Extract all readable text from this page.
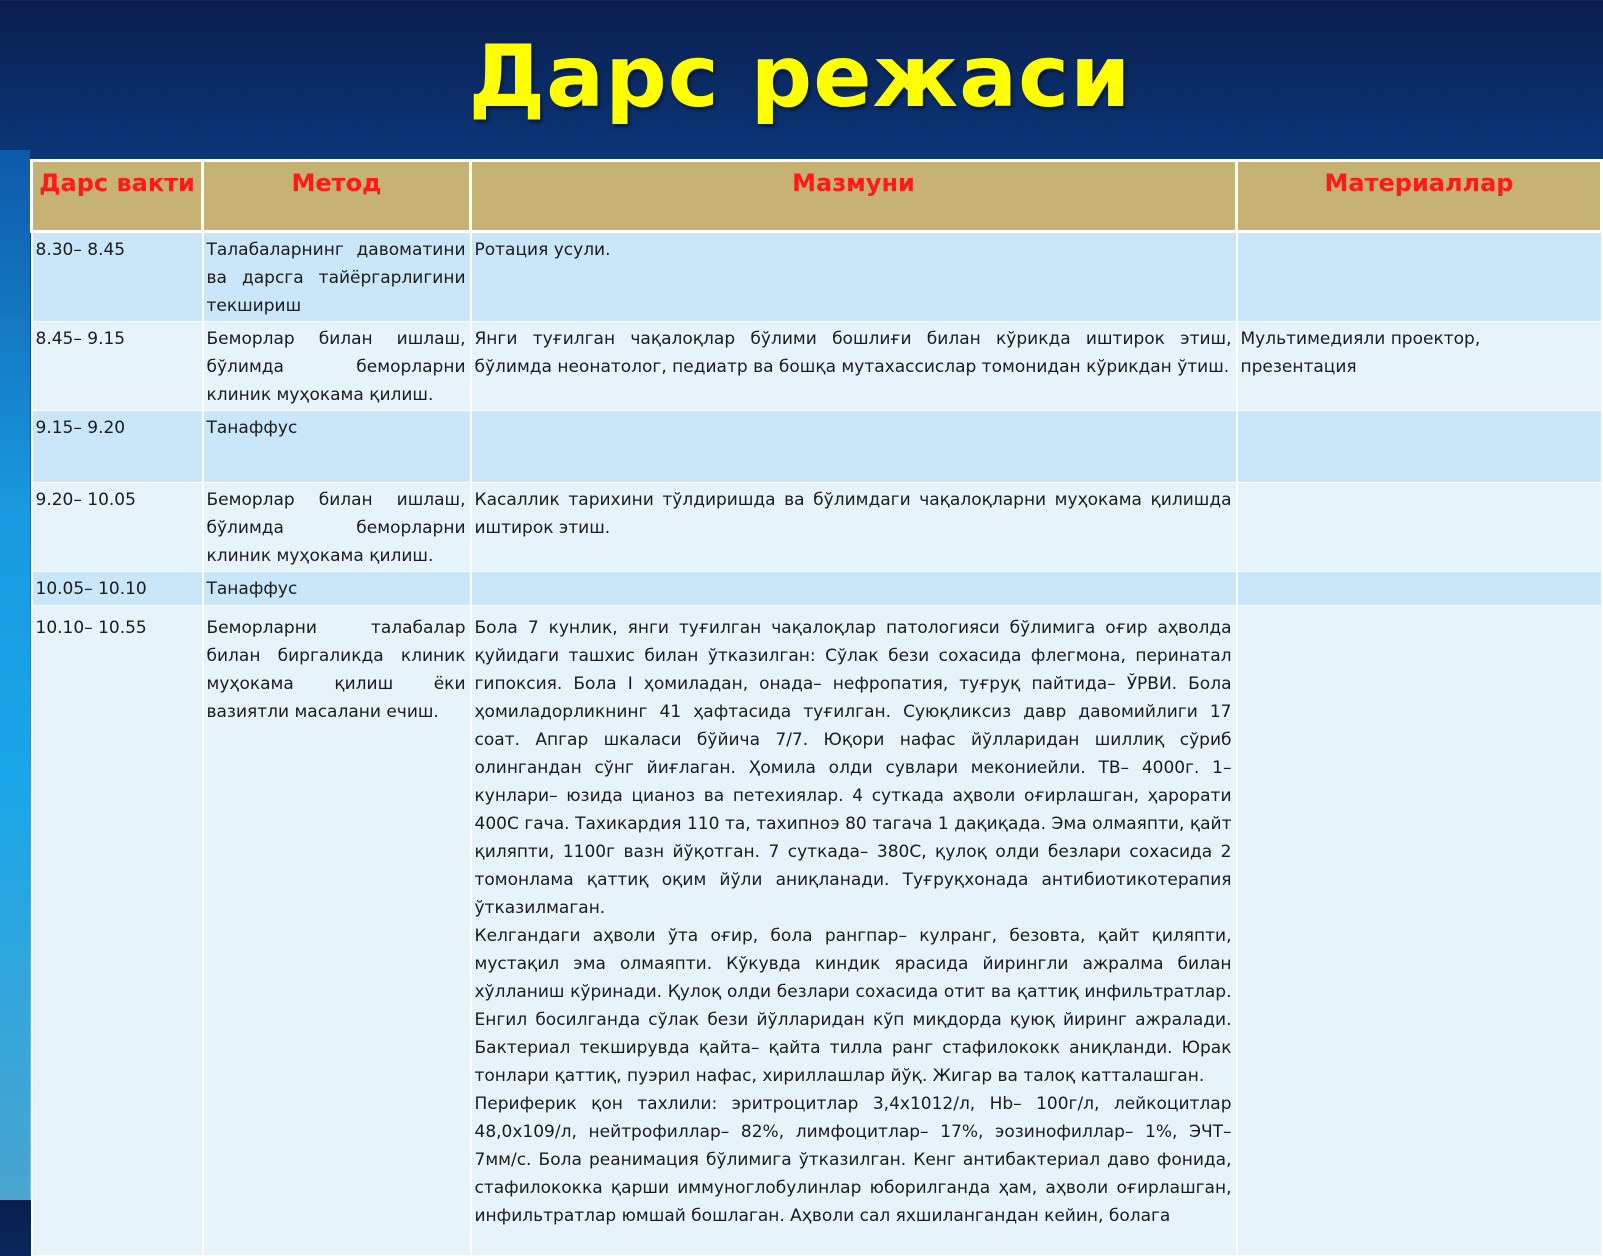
Дарс режаси
Дарс вакти	Метод	Мазмуни	Материаллар
8.30– 8.45	Талабаларнинг давоматини ва дарсга тайёргарлигини текшириш	Ротация усули.	
8.45– 9.15	Беморлар билан ишлаш, бўлимда беморларни клиник муҳокама қилиш.	Янги туғилган чақалоқлар бўлими бошлиғи билан кўрикда иштирок этиш, бўлимда неонатолог, педиатр ва бошқа мутахассислар томонидан кўрикдан ўтиш.	Мультимедияли проектор, презентация
9.15– 9.20	Танаффус		
9.20– 10.05	Беморлар билан ишлаш, бўлимда беморларни клиник муҳокама қилиш.	Касаллик тарихини тўлдиришда ва бўлимдаги чақалоқларни муҳокама қилишда иштирок этиш.	
10.05– 10.10	Танаффус		
10.10– 10.55	Беморларни талабалар билан биргаликда клиник муҳокама қилиш ёки вазиятли масалани ечиш.	Бола 7 кунлик, янги туғилган чақалоқлар патологияси бўлимига оғир аҳволда қуйидаги ташхис билан ўтказилган: Сўлак бези сохасида флегмона, перинатал гипоксия. Бола I ҳомиладан, онада– нефропатия, туғруқ пайтида– ЎРВИ. Бола ҳомиладорликнинг 41 ҳафтасида туғилган. Суюқликсиз давр давомийлиги 17 соат. Апгар шкаласи бўйича 7/7. Юқори нафас йўлларидан шиллиқ сўриб олингандан сўнг йиғлаган. Ҳомила олди сувлари мекониейли. ТВ– 4000г. 1– кунлари– юзида цианоз ва петехиялар. 4 суткада аҳволи оғирлашган, ҳарорати 400С гача. Тахикардия 110 та, тахипноэ 80 тагача 1 дақиқада. Эма олмаяпти, қайт қиляпти, 1100г вазн йўқотган. 7 суткада– 380С, қулоқ олди безлари сохасида 2 томонлама қаттиқ оқим йўли аниқланади. Туғруқхонада антибиотикотерапия ўтказилмаган.

Келгандаги аҳволи ўта оғир, бола рангпар– кулранг, безовта, қайт қиляпти, мустақил эма олмаяпти. Кўкувда киндик ярасида йирингли ажралма билан хўлланиш кўринади. Қулоқ олди безлари сохасида отит ва қаттиқ инфильтратлар. Енгил босилганда сўлак бези йўлларидан кўп миқдорда қуюқ йиринг ажралади. Бактериал текширувда қайта– қайта тилла ранг стафилококк аниқланди. Юрак тонлари қаттиқ, пуэрил нафас, хириллашлар йўқ. Жигар ва талоқ катталашган.

Периферик қон тахлили: эритроцитлар 3,4х1012/л, Hb– 100г/л, лейкоцитлар 48,0х109/л, нейтрофиллар– 82%, лимфоцитлар– 17%, эозинофиллар– 1%, ЭЧТ– 7мм/с. Бола реанимация бўлимига ўтказилган. Кенг антибактериал даво фонида, стафилококка қарши иммуноглобулинлар юборилганда ҳам, аҳволи оғирлашган, инфильтратлар юмшай бошлаган. Аҳволи сал яхшилангандан кейин, болага	
